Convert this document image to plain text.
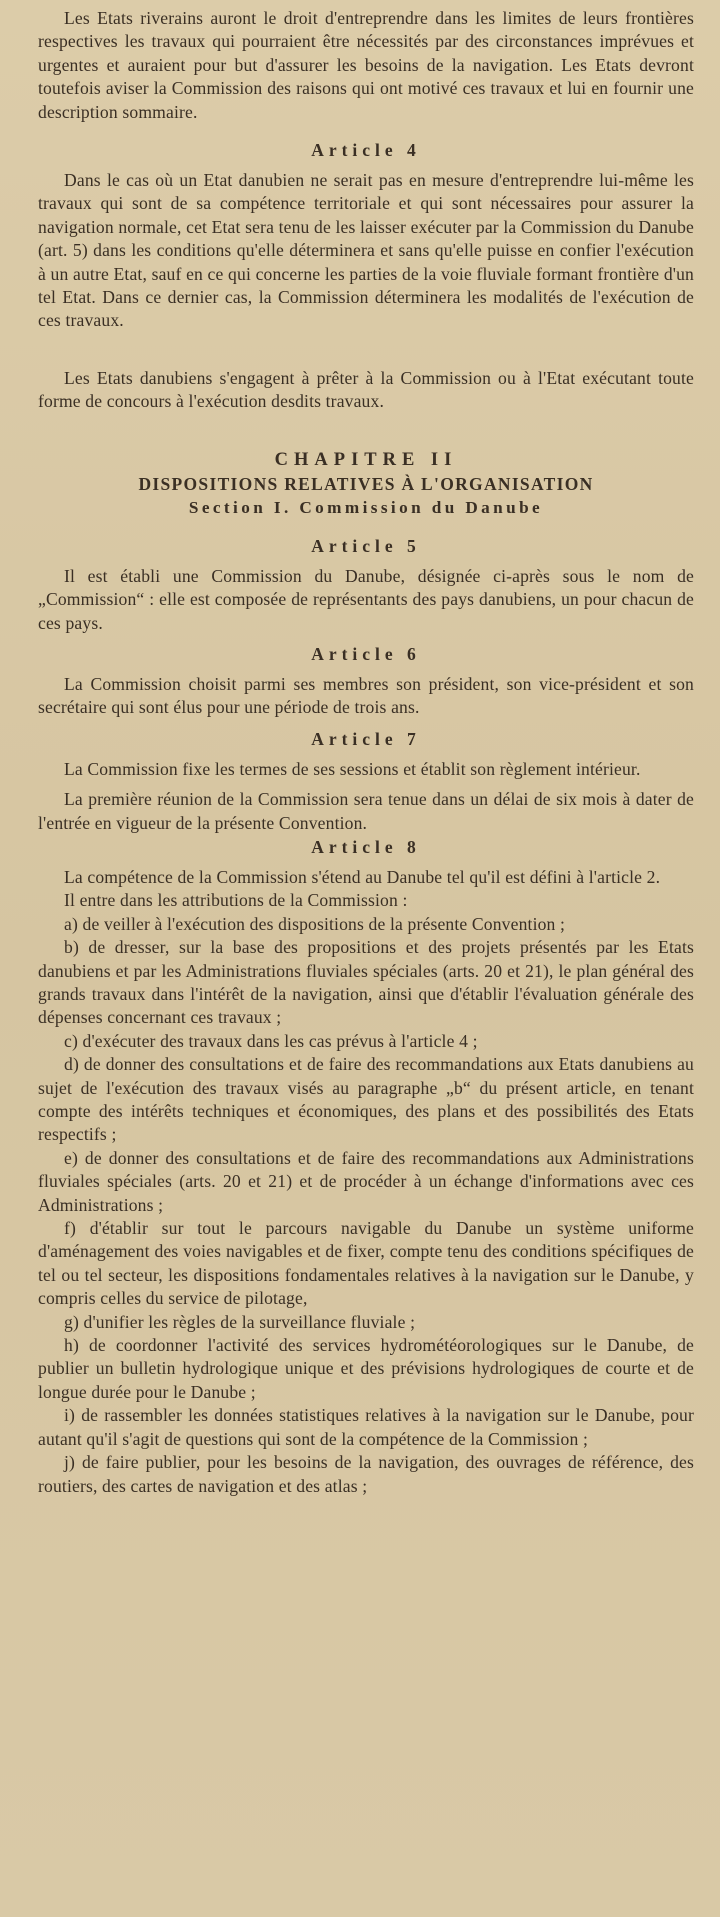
Les Etats riverains auront le droit d'entreprendre dans les limites de leurs frontières respectives les travaux qui pourraient être nécessités par des circonstances imprévues et urgentes et auraient pour but d'assurer les besoins de la navigation. Les Etats devront toutefois aviser la Commission des raisons qui ont motivé ces travaux et lui en fournir une description sommaire.

Article 4

Dans le cas où un Etat danubien ne serait pas en mesure d'entreprendre lui-même les travaux qui sont de sa compétence territoriale et qui sont nécessaires pour assurer la navigation normale, cet Etat sera tenu de les laisser exécuter par la Commission du Danube (art. 5) dans les conditions qu'elle déterminera et sans qu'elle puisse en confier l'exécution à un autre Etat, sauf en ce qui concerne les parties de la voie fluviale formant frontière d'un tel Etat. Dans ce dernier cas, la Commission déterminera les modalités de l'exécution de ces travaux.

Les Etats danubiens s'engagent à prêter à la Commission ou à l'Etat exécutant toute forme de concours à l'exécution desdits travaux.

CHAPITRE II
DISPOSITIONS RELATIVES À L'ORGANISATION
Section I. Commission du Danube
Article 5

Il est établi une Commission du Danube, désignée ci-après sous le nom de „Commission“ : elle est composée de représentants des pays danubiens, un pour chacun de ces pays.

Article 6

La Commission choisit parmi ses membres son président, son vice-président et son secrétaire qui sont élus pour une période de trois ans.

Article 7

La Commission fixe les termes de ses sessions et établit son règlement intérieur.

La première réunion de la Commission sera tenue dans un délai de six mois à dater de l'entrée en vigueur de la présente Convention.

Article 8

La compétence de la Commission s'étend au Danube tel qu'il est défini à l'article 2.

Il entre dans les attributions de la Commission :

a) de veiller à l'exécution des dispositions de la présente Convention ;

b) de dresser, sur la base des propositions et des projets présentés par les Etats danubiens et par les Administrations fluviales spéciales (arts. 20 et 21), le plan général des grands travaux dans l'intérêt de la navigation, ainsi que d'établir l'évaluation générale des dépenses concernant ces travaux ;

c) d'exécuter des travaux dans les cas prévus à l'article 4 ;

d) de donner des consultations et de faire des recommandations aux Etats danubiens au sujet de l'exécution des travaux visés au paragraphe „b“ du présent article, en tenant compte des intérêts techniques et économiques, des plans et des possibilités des Etats respectifs ;

e) de donner des consultations et de faire des recommandations aux Administrations fluviales spéciales (arts. 20 et 21) et de procéder à un échange d'informations avec ces Administrations ;

f) d'établir sur tout le parcours navigable du Danube un système uniforme d'aménagement des voies navigables et de fixer, compte tenu des conditions spécifiques de tel ou tel secteur, les dispositions fondamentales relatives à la navigation sur le Danube, y compris celles du service de pilotage,

g) d'unifier les règles de la surveillance fluviale ;

h) de coordonner l'activité des services hydrométéorologiques sur le Danube, de publier un bulletin hydrologique unique et des prévisions hydrologiques de courte et de longue durée pour le Danube ;

i) de rassembler les données statistiques relatives à la navigation sur le Danube, pour autant qu'il s'agit de questions qui sont de la compétence de la Commission ;

j) de faire publier, pour les besoins de la navigation, des ouvrages de référence, des routiers, des cartes de navigation et des atlas ;
